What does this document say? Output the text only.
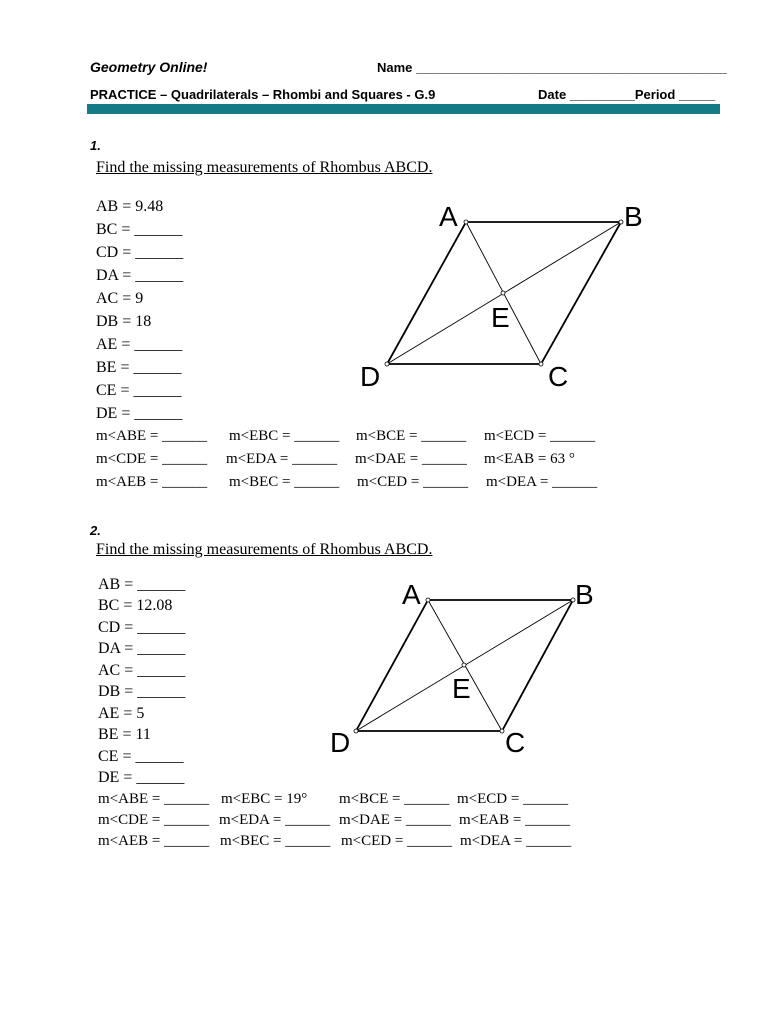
Geometry Online!	Name ___________________________________________
PRACTICE – Quadrilaterals – Rhombi and Squares - G.9	Date _________Period _____
1.
Find the missing measurements of Rhombus ABCD.
AB = 9.48
BC = ______
CD = ______
DA = ______
AC = 9
DB = 18
AE = ______
BE = ______
CE = ______
DE = ______
A	B
C
D
E
m<ABE = ______ m<EBC = ______ m<BCE = ______ m<ECD = ______
m<CDE = ______ m<EDA = ______ m<DAE = ______ m<EAB = 63 °
m<AEB = ______ m<BEC = ______ m<CED = ______ m<DEA = ______
2.
Find the missing measurements of Rhombus ABCD.
AB = ______
BC = 12.08
CD = ______
DA = ______
AC = ______
DB = ______
AE = 5
BE = 11
CE = ______
DE = ______
A	B
C
D
E
m<ABE = ______ m<EBC = 19° m<BCE = ______ m<ECD = ______
m<CDE = ______ m<EDA = ______ m<DAE = ______ m<EAB = ______
m<AEB = ______ m<BEC = ______ m<CED = ______ m<DEA = ______
